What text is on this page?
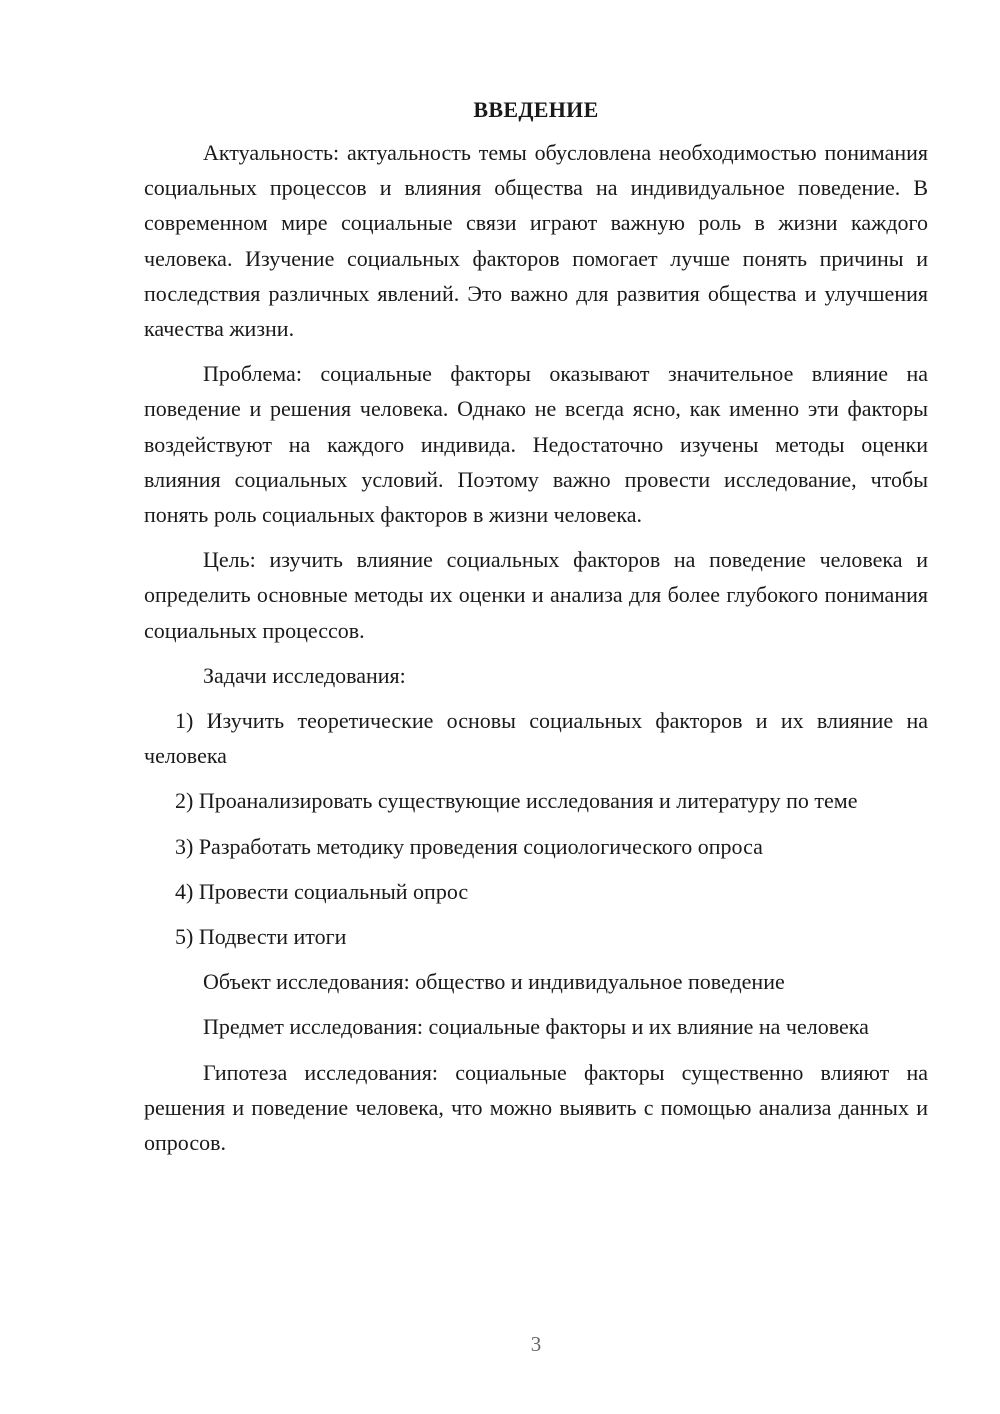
ВВЕДЕНИЕ

Актуальность: актуальность темы обусловлена необходимостью понимания социальных процессов и влияния общества на индивидуальное поведение. В современном мире социальные связи играют важную роль в жизни каждого человека. Изучение социальных факторов помогает лучше понять причины и последствия различных явлений. Это важно для развития общества и улучшения качества жизни.

Проблема: социальные факторы оказывают значительное влияние на поведение и решения человека. Однако не всегда ясно, как именно эти факторы воздействуют на каждого индивида. Недостаточно изучены методы оценки влияния социальных условий. Поэтому важно провести исследование, чтобы понять роль социальных факторов в жизни человека.

Цель: изучить влияние социальных факторов на поведение человека и определить основные методы их оценки и анализа для более глубокого понимания социальных процессов.

Задачи исследования:

1) Изучить теоретические основы социальных факторов и их влияние на человека

2) Проанализировать существующие исследования и литературу по теме

3) Разработать методику проведения социологического опроса

4) Провести социальный опрос

5) Подвести итоги

Объект исследования: общество и индивидуальное поведение

Предмет исследования: социальные факторы и их влияние на человека

Гипотеза исследования: социальные факторы существенно влияют на решения и поведение человека, что можно выявить с помощью анализа данных и опросов.

3
